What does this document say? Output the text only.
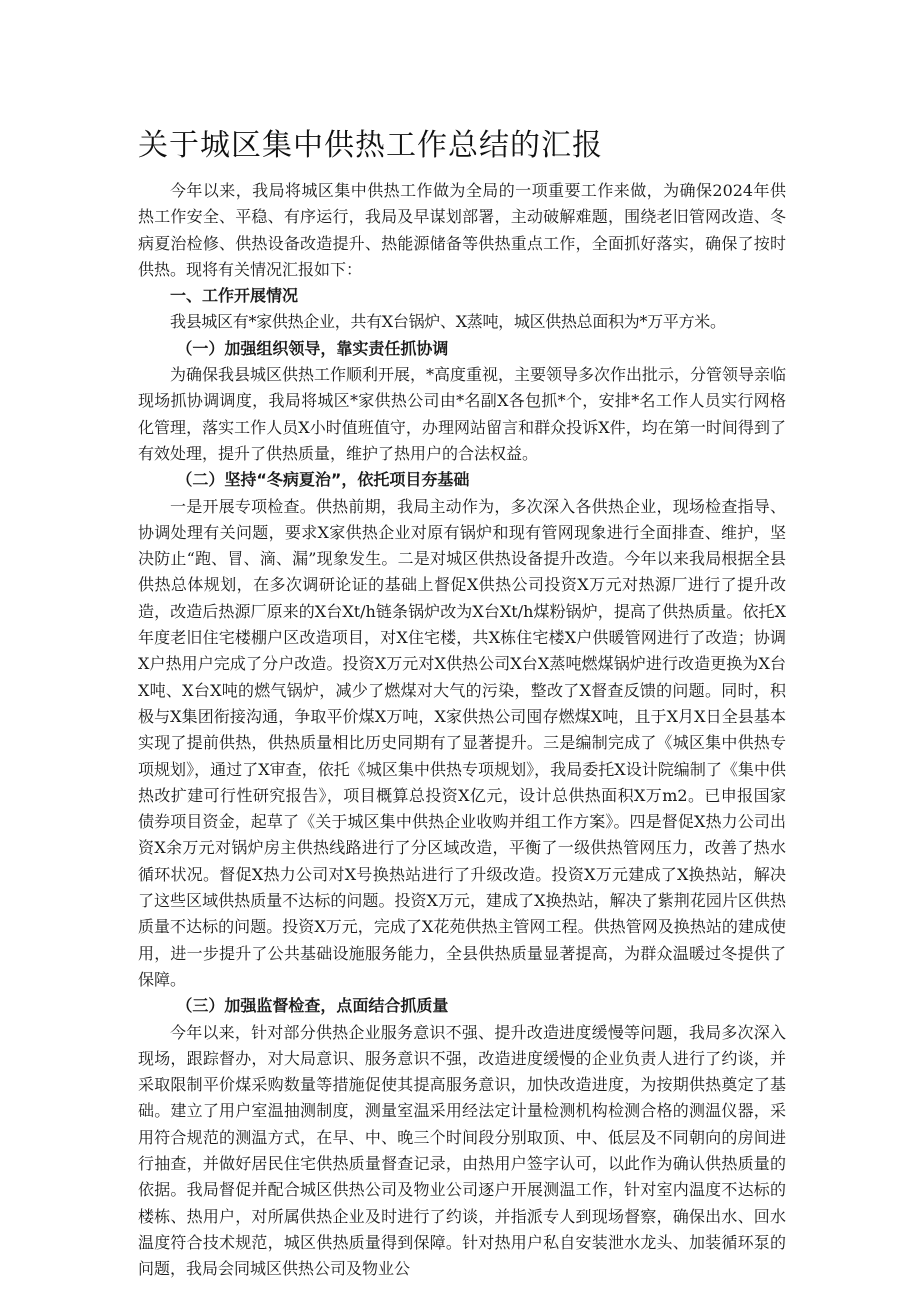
关于城区集中供热工作总结的汇报

今年以来，我局将城区集中供热工作做为全局的一项重要工作来做，为确保2024年供热工作安全、平稳、有序运行，我局及早谋划部署，主动破解难题，围绕老旧管网改造、冬病夏治检修、供热设备改造提升、热能源储备等供热重点工作，全面抓好落实，确保了按时供热。现将有关情况汇报如下：

一、工作开展情况

我县城区有*家供热企业，共有X台锅炉、X蒸吨，城区供热总面积为*万平方米。

（一）加强组织领导，靠实责任抓协调

为确保我县城区供热工作顺利开展，*高度重视，主要领导多次作出批示，分管领导亲临现场抓协调调度，我局将城区*家供热公司由*名副X各包抓*个，安排*名工作人员实行网格化管理，落实工作人员X小时值班值守，办理网站留言和群众投诉X件，均在第一时间得到了有效处理，提升了供热质量，维护了热用户的合法权益。

（二）坚持“冬病夏治”，依托项目夯基础

一是开展专项检查。供热前期，我局主动作为，多次深入各供热企业，现场检查指导、协调处理有关问题，要求X家供热企业对原有锅炉和现有管网现象进行全面排查、维护，坚决防止“跑、冒、滴、漏”现象发生。二是对城区供热设备提升改造。今年以来我局根据全县供热总体规划，在多次调研论证的基础上督促X供热公司投资X万元对热源厂进行了提升改造，改造后热源厂原来的X台Xt/h链条锅炉改为X台Xt/h煤粉锅炉，提高了供热质量。依托X年度老旧住宅楼棚户区改造项目，对X住宅楼，共X栋住宅楼X户供暖管网进行了改造；协调X户热用户完成了分户改造。投资X万元对X供热公司X台X蒸吨燃煤锅炉进行改造更换为X台X吨、X台X吨的燃气锅炉，减少了燃煤对大气的污染，整改了X督查反馈的问题。同时，积极与X集团衔接沟通，争取平价煤X万吨，X家供热公司囤存燃煤X吨，且于X月X日全县基本实现了提前供热，供热质量相比历史同期有了显著提升。三是编制完成了《城区集中供热专项规划》，通过了X审查，依托《城区集中供热专项规划》，我局委托X设计院编制了《集中供热改扩建可行性研究报告》，项目概算总投资X亿元，设计总供热面积X万m2。已申报国家债券项目资金，起草了《关于城区集中供热企业收购并组工作方案》。四是督促X热力公司出资X余万元对锅炉房主供热线路进行了分区域改造，平衡了一级供热管网压力，改善了热水循环状况。督促X热力公司对X号换热站进行了升级改造。投资X万元建成了X换热站，解决了这些区域供热质量不达标的问题。投资X万元，建成了X换热站，解决了紫荆花园片区供热质量不达标的问题。投资X万元，完成了X花苑供热主管网工程。供热管网及换热站的建成使用，进一步提升了公共基础设施服务能力，全县供热质量显著提高，为群众温暖过冬提供了保障。

（三）加强监督检查，点面结合抓质量

今年以来，针对部分供热企业服务意识不强、提升改造进度缓慢等问题，我局多次深入现场，跟踪督办，对大局意识、服务意识不强，改造进度缓慢的企业负责人进行了约谈，并采取限制平价煤采购数量等措施促使其提高服务意识，加快改造进度，为按期供热奠定了基础。建立了用户室温抽测制度，测量室温采用经法定计量检测机构检测合格的测温仪器，采用符合规范的测温方式，在早、中、晚三个时间段分别取顶、中、低层及不同朝向的房间进行抽查，并做好居民住宅供热质量督查记录，由热用户签字认可，以此作为确认供热质量的依据。我局督促并配合城区供热公司及物业公司逐户开展测温工作，针对室内温度不达标的楼栋、热用户，对所属供热企业及时进行了约谈，并指派专人到现场督察，确保出水、回水温度符合技术规范，城区供热质量得到保障。针对热用户私自安装泄水龙头、加装循环泵的问题，我局会同城区供热公司及物业公
